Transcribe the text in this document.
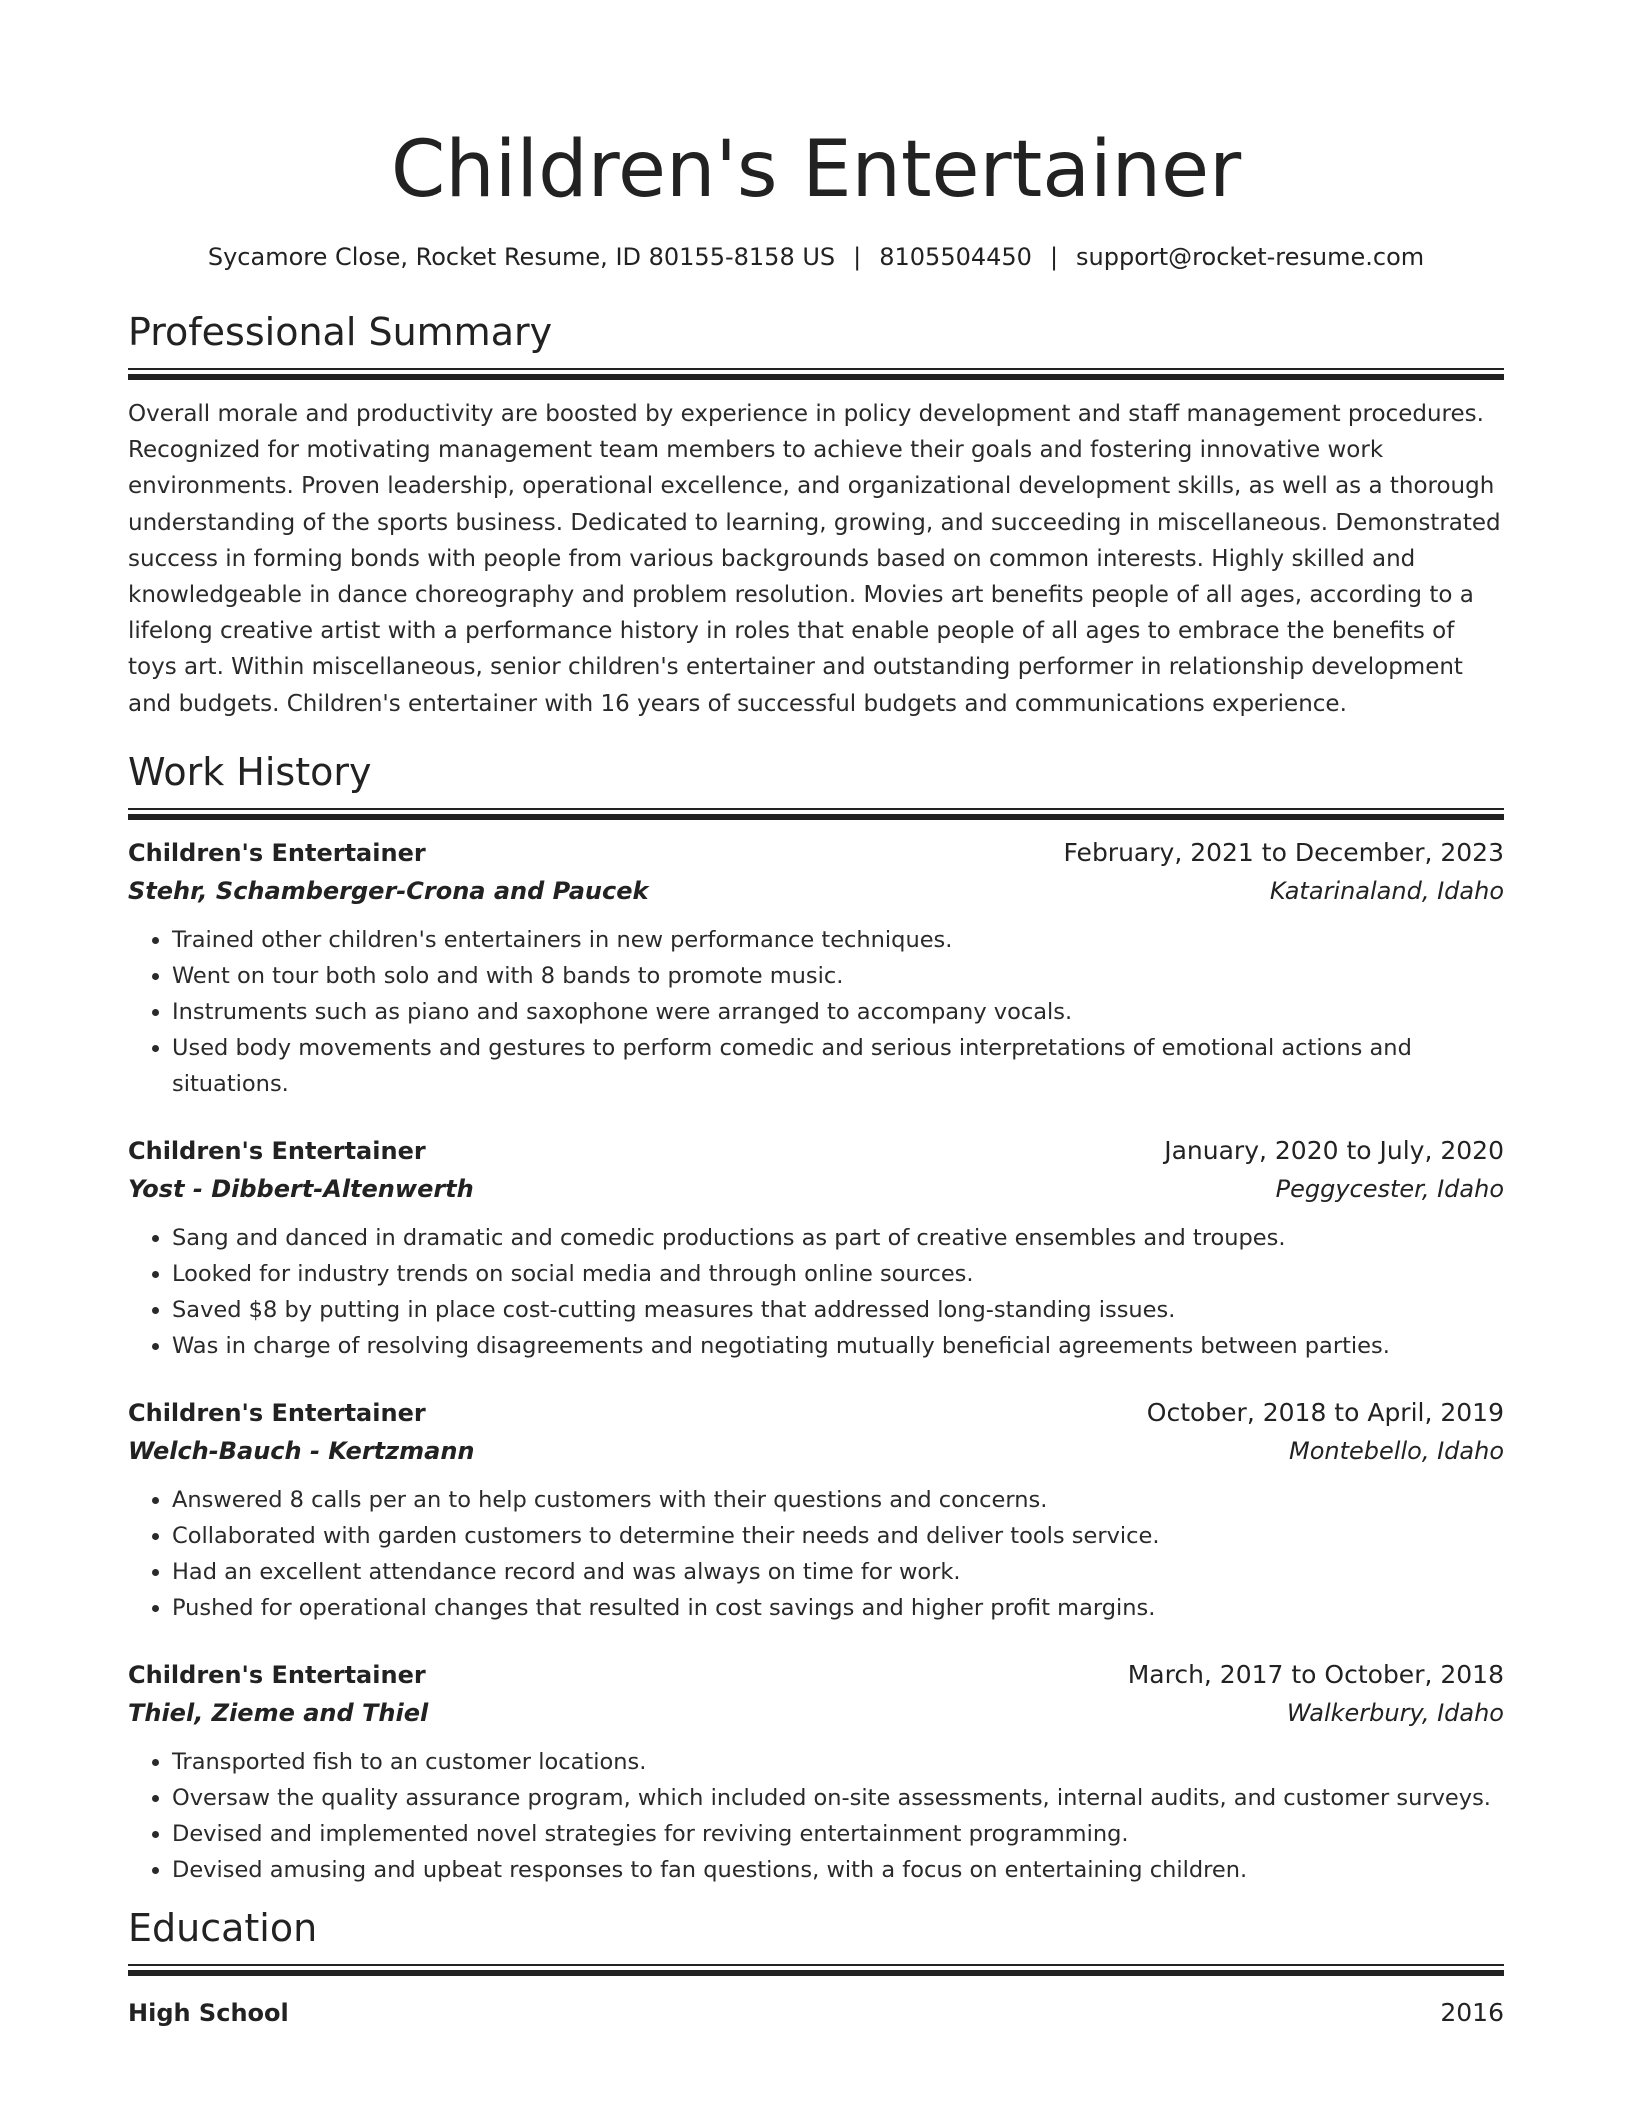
Children's Entertainer
Sycamore Close, Rocket Resume, ID 80155-8158 US | 8105504450 | support@rocket-resume.com
Professional Summary
Overall morale and productivity are boosted by experience in policy development and staff management procedures. Recognized for motivating management team members to achieve their goals and fostering innovative work environments. Proven leadership, operational excellence, and organizational development skills, as well as a thorough understanding of the sports business. Dedicated to learning, growing, and succeeding in miscellaneous. Demonstrated success in forming bonds with people from various backgrounds based on common interests. Highly skilled and knowledgeable in dance choreography and problem resolution. Movies art benefits people of all ages, according to a lifelong creative artist with a performance history in roles that enable people of all ages to embrace the benefits of toys art. Within miscellaneous, senior children's entertainer and outstanding performer in relationship development and budgets. Children's entertainer with 16 years of successful budgets and communications experience.
Work History
Children's Entertainer	February, 2021 to December, 2023
Stehr, Schamberger-Crona and Paucek	Katarinaland, Idaho
• Trained other children's entertainers in new performance techniques.
• Went on tour both solo and with 8 bands to promote music.
• Instruments such as piano and saxophone were arranged to accompany vocals.
• Used body movements and gestures to perform comedic and serious interpretations of emotional actions and situations.
Children's Entertainer	January, 2020 to July, 2020
Yost - Dibbert-Altenwerth	Peggycester, Idaho
• Sang and danced in dramatic and comedic productions as part of creative ensembles and troupes.
• Looked for industry trends on social media and through online sources.
• Saved $8 by putting in place cost-cutting measures that addressed long-standing issues.
• Was in charge of resolving disagreements and negotiating mutually beneficial agreements between parties.
Children's Entertainer	October, 2018 to April, 2019
Welch-Bauch - Kertzmann	Montebello, Idaho
• Answered 8 calls per an to help customers with their questions and concerns.
• Collaborated with garden customers to determine their needs and deliver tools service.
• Had an excellent attendance record and was always on time for work.
• Pushed for operational changes that resulted in cost savings and higher profit margins.
Children's Entertainer	March, 2017 to October, 2018
Thiel, Zieme and Thiel	Walkerbury, Idaho
• Transported fish to an customer locations.
• Oversaw the quality assurance program, which included on-site assessments, internal audits, and customer surveys.
• Devised and implemented novel strategies for reviving entertainment programming.
• Devised amusing and upbeat responses to fan questions, with a focus on entertaining children.
Education
High School	2016
